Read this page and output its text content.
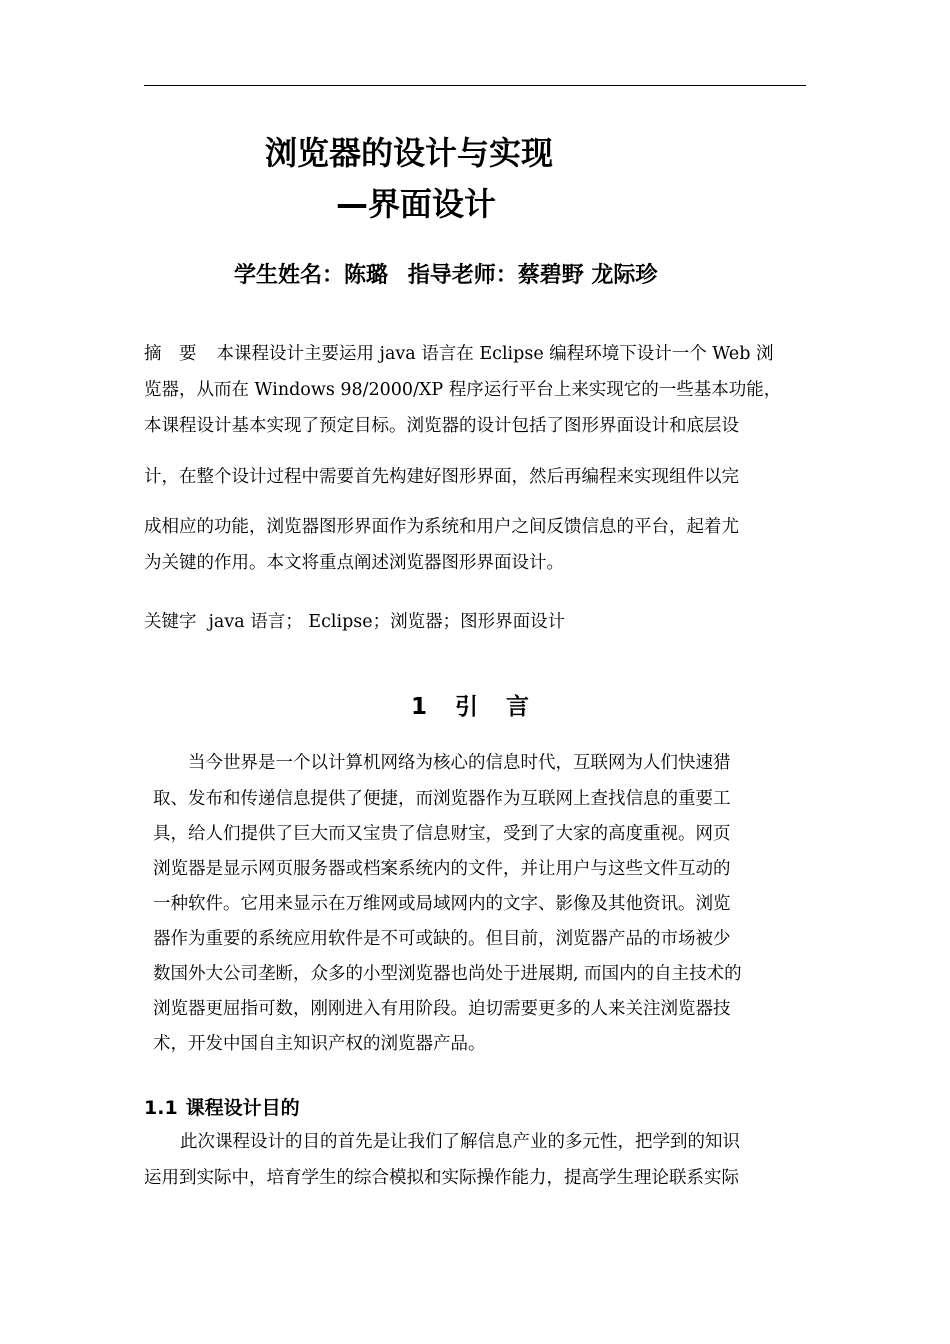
浏览器的设计与实现
—界面设计
学生姓名：陈璐 指导老师：蔡碧野 龙际珍
摘　要 本课程设计主要运用 java 语言在 Eclipse 编程环境下设计一个 Web 浏
览器，从而在 Windows 98/2000/XP 程序运行平台上来实现它的一些基本功能，
本课程设计基本实现了预定目标。浏览器的设计包括了图形界面设计和底层设
计，在整个设计过程中需要首先构建好图形界面，然后再编程来实现组件以完
成相应的功能，浏览器图形界面作为系统和用户之间反馈信息的平台，起着尤
为关键的作用。本文将重点阐述浏览器图形界面设计。
关键字 java 语言； Eclipse；浏览器；图形界面设计
1 引 言
当今世界是一个以计算机网络为核心的信息时代，互联网为人们快速猎
取、发布和传递信息提供了便捷，而浏览器作为互联网上查找信息的重要工
具，给人们提供了巨大而又宝贵了信息财宝，受到了大家的高度重视。网页
浏览器是显示网页服务器或档案系统内的文件，并让用户与这些文件互动的
一种软件。它用来显示在万维网或局域网内的文字、影像及其他资讯。浏览
器作为重要的系统应用软件是不可或缺的。但目前，浏览器产品的市场被少
数国外大公司垄断，众多的小型浏览器也尚处于进展期, 而国内的自主技术的
浏览器更屈指可数，刚刚进入有用阶段。迫切需要更多的人来关注浏览器技
术，开发中国自主知识产权的浏览器产品。
1.1 课程设计目的
此次课程设计的目的首先是让我们了解信息产业的多元性，把学到的知识
运用到实际中，培育学生的综合模拟和实际操作能力，提高学生理论联系实际
